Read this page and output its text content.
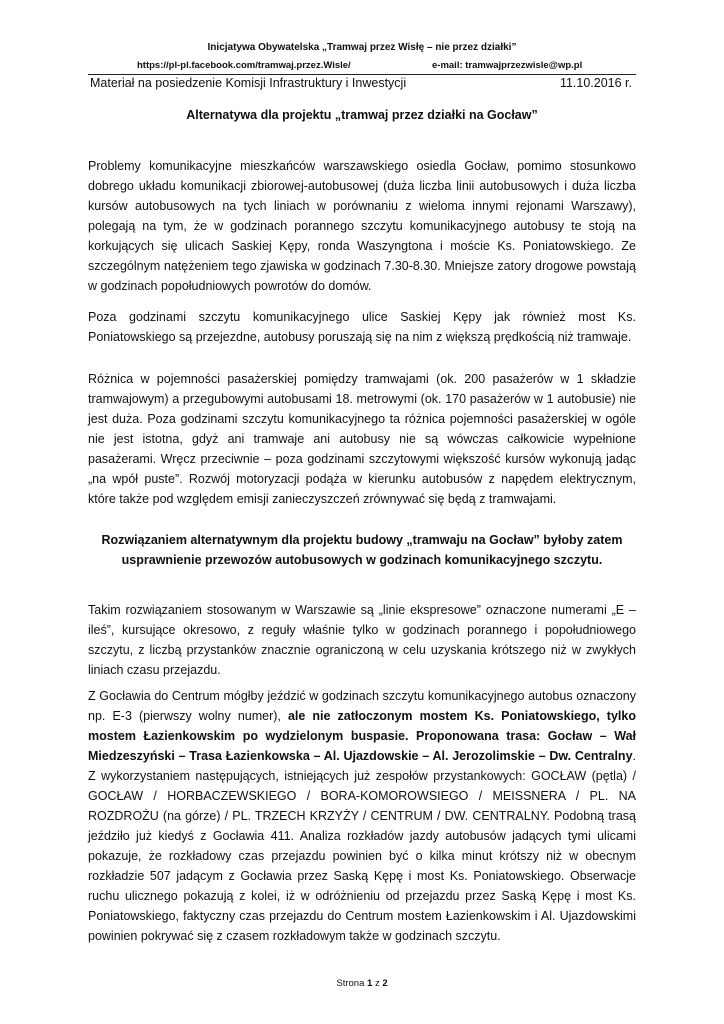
Inicjatywa Obywatelska „Tramwaj przez Wisłę – nie przez działki”
https://pl-pl.facebook.com/tramwaj.przez.Wisle/	e-mail: tramwajprzezwisle@wp.pl
Materiał na posiedzenie Komisji Infrastruktury i Inwestycji	11.10.2016 r.
Alternatywa dla projektu „tramwaj przez działki na Gocław”

Problemy komunikacyjne mieszkańców warszawskiego osiedla Gocław, pomimo stosunkowo dobrego układu komunikacji zbiorowej-autobusowej (duża liczba linii autobusowych i duża liczba kursów autobusowych na tych liniach w porównaniu z wieloma innymi rejonami Warszawy), polegają na tym, że w godzinach porannego szczytu komunikacyjnego autobusy te stoją na korkujących się ulicach Saskiej Kępy, ronda Waszyngtona i moście Ks. Poniatowskiego. Ze szczególnym natężeniem tego zjawiska w godzinach 7.30-8.30. Mniejsze zatory drogowe powstają w godzinach popołudniowych powrotów do domów.

Poza godzinami szczytu komunikacyjnego ulice Saskiej Kępy jak również most Ks. Poniatowskiego są przejezdne, autobusy poruszają się na nim z większą prędkością niż tramwaje.

Różnica w pojemności pasażerskiej pomiędzy tramwajami (ok. 200 pasażerów w 1 składzie tramwajowym) a przegubowymi autobusami 18. metrowymi (ok. 170 pasażerów w 1 autobusie) nie jest duża. Poza godzinami szczytu komunikacyjnego ta różnica pojemności pasażerskiej w ogóle nie jest istotna, gdyż ani tramwaje ani autobusy nie są wówczas całkowicie wypełnione pasażerami. Wręcz przeciwnie – poza godzinami szczytowymi większość kursów wykonują jadąc „na wpół puste”. Rozwój motoryzacji podąża w kierunku autobusów z napędem elektrycznym, które także pod względem emisji zanieczyszczeń zrównywać się będą z tramwajami.

Rozwiązaniem alternatywnym dla projektu budowy „tramwaju na Gocław” byłoby zatem usprawnienie przewozów autobusowych w godzinach komunikacyjnego szczytu.

Takim rozwiązaniem stosowanym w Warszawie są „linie ekspresowe” oznaczone numerami „E – ileś”, kursujące okresowo, z reguły właśnie tylko w godzinach porannego i popołudniowego szczytu, z liczbą przystanków znacznie ograniczoną w celu uzyskania krótszego niż w zwykłych liniach czasu przejazdu.

Z Gocławia do Centrum mógłby jeździć w godzinach szczytu komunikacyjnego autobus oznaczony np. E-3 (pierwszy wolny numer), ale nie zatłoczonym mostem Ks. Poniatowskiego, tylko mostem Łazienkowskim po wydzielonym buspasie. Proponowana trasa: Gocław – Wał Miedzeszyński – Trasa Łazienkowska – Al. Ujazdowskie – Al. Jerozolimskie – Dw. Centralny. Z wykorzystaniem następujących, istniejących już zespołów przystankowych: GOCŁAW (pętla) / GOCŁAW / HORBACZEWSKIEGO / BORA-KOMOROWSIEGO / MEISSNERA / PL. NA ROZDROŻU (na górze) / PL. TRZECH KRZYŻY / CENTRUM / DW. CENTRALNY. Podobną trasą jeździło już kiedyś z Gocławia 411. Analiza rozkładów jazdy autobusów jadących tymi ulicami pokazuje, że rozkładowy czas przejazdu powinien być o kilka minut krótszy niż w obecnym rozkładzie 507 jadącym z Gocławia przez Saską Kępę i most Ks. Poniatowskiego. Obserwacje ruchu ulicznego pokazują z kolei, iż w odróżnieniu od przejazdu przez Saską Kępę i most Ks. Poniatowskiego, faktyczny czas przejazdu do Centrum mostem Łazienkowskim i Al. Ujazdowskimi powinien pokrywać się z czasem rozkładowym także w godzinach szczytu.

Strona 1 z 2
